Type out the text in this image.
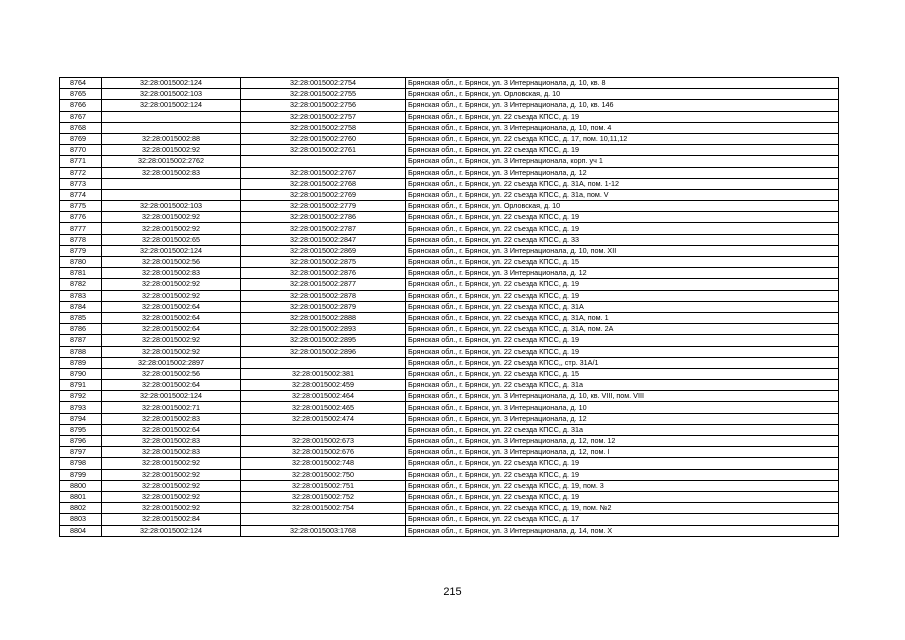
8764	32:28:0015002:124	32:28:0015002:2754	Брянская обл., г. Брянск, ул. 3 Интернационала, д. 10, кв. 8
8765	32:28:0015002:103	32:28:0015002:2755	Брянская обл., г. Брянск, ул. Орловская, д. 10
8766	32:28:0015002:124	32:28:0015002:2756	Брянская обл., г. Брянск, ул. 3 Интернационала, д. 10, кв. 146
8767		32:28:0015002:2757	Брянская обл., г. Брянск, ул. 22 съезда КПСС, д. 19
8768		32:28:0015002:2758	Брянская обл., г. Брянск, ул. 3 Интернационала, д. 10, пом. 4
8769	32:28:0015002:88	32:28:0015002:2760	Брянская обл., г. Брянск, ул. 22 съезда КПСС, д. 17, пом. 10,11,12
8770	32:28:0015002:92	32:28:0015002:2761	Брянская обл., г. Брянск, ул. 22 съезда КПСС, д. 19
8771	32:28:0015002:2762		Брянская обл., г. Брянск, ул. 3 Интернационала, корп. уч 1
8772	32:28:0015002:83	32:28:0015002:2767	Брянская обл., г. Брянск, ул. 3 Интернационала, д. 12
8773		32:28:0015002:2768	Брянская обл., г. Брянск, ул. 22 съезда КПСС, д. 31А, пом. 1-12
8774		32:28:0015002:2769	Брянская обл., г. Брянск, ул. 22 съезда КПСС, д. 31а, пом. V
8775	32:28:0015002:103	32:28:0015002:2779	Брянская обл., г. Брянск, ул. Орловская, д. 10
8776	32:28:0015002:92	32:28:0015002:2786	Брянская обл., г. Брянск, ул. 22 съезда КПСС, д. 19
8777	32:28:0015002:92	32:28:0015002:2787	Брянская обл., г. Брянск, ул. 22 съезда КПСС, д. 19
8778	32:28:0015002:65	32:28:0015002:2847	Брянская обл., г. Брянск, ул. 22 съезда КПСС, д. 33
8779	32:28:0015002:124	32:28:0015002:2869	Брянская обл., г. Брянск, ул. 3 Интернационала, д. 10, пом. XII
8780	32:28:0015002:56	32:28:0015002:2875	Брянская обл., г. Брянск, ул. 22 съезда КПСС, д. 15
8781	32:28:0015002:83	32:28:0015002:2876	Брянская обл., г. Брянск, ул. 3 Интернационала, д. 12
8782	32:28:0015002:92	32:28:0015002:2877	Брянская обл., г. Брянск, ул. 22 съезда КПСС, д. 19
8783	32:28:0015002:92	32:28:0015002:2878	Брянская обл., г. Брянск, ул. 22 съезда КПСС, д. 19
8784	32:28:0015002:64	32:28:0015002:2879	Брянская обл., г. Брянск, ул. 22 съезда КПСС, д. 31А
8785	32:28:0015002:64	32:28:0015002:2888	Брянская обл., г. Брянск, ул. 22 съезда КПСС, д. 31А, пом. 1
8786	32:28:0015002:64	32:28:0015002:2893	Брянская обл., г. Брянск, ул. 22 съезда КПСС, д. 31А, пом. 2А
8787	32:28:0015002:92	32:28:0015002:2895	Брянская обл., г. Брянск, ул. 22 съезда КПСС, д. 19
8788	32:28:0015002:92	32:28:0015002:2896	Брянская обл., г. Брянск, ул. 22 съезда КПСС, д. 19
8789	32:28:0015002:2897		Брянская обл., г. Брянск, ул. 22 съезда КПСС,, стр. 31А/1
8790	32:28:0015002:56	32:28:0015002:381	Брянская обл., г. Брянск, ул. 22 съезда КПСС, д. 15
8791	32:28:0015002:64	32:28:0015002:459	Брянская обл., г. Брянск, ул. 22 съезда КПСС, д. 31а
8792	32:28:0015002:124	32:28:0015002:464	Брянская обл., г. Брянск, ул. 3 Интернационала, д. 10, кв. VIII, пом. VIII
8793	32:28:0015002:71	32:28:0015002:465	Брянская обл., г. Брянск, ул. 3 Интернационала, д. 10
8794	32:28:0015002:83	32:28:0015002:474	Брянская обл., г. Брянск, ул. 3 Интернационала, д. 12
8795	32:28:0015002:64		Брянская обл., г. Брянск, ул. 22 съезда КПСС, д. 31а
8796	32:28:0015002:83	32:28:0015002:673	Брянская обл., г. Брянск, ул. 3 Интернационала, д. 12, пом. 12
8797	32:28:0015002:83	32:28:0015002:676	Брянская обл., г. Брянск, ул. 3 Интернационала, д. 12, пом. I
8798	32:28:0015002:92	32:28:0015002:748	Брянская обл., г. Брянск, ул. 22 съезда КПСС, д. 19
8799	32:28:0015002:92	32:28:0015002:750	Брянская обл., г. Брянск, ул. 22 съезда КПСС, д. 19
8800	32:28:0015002:92	32:28:0015002:751	Брянская обл., г. Брянск, ул. 22 съезда КПСС, д. 19, пом. 3
8801	32:28:0015002:92	32:28:0015002:752	Брянская обл., г. Брянск, ул. 22 съезда КПСС, д. 19
8802	32:28:0015002:92	32:28:0015002:754	Брянская обл., г. Брянск, ул. 22 съезда КПСС, д. 19, пом. №2
8803	32:28:0015002:84		Брянская обл., г. Брянск, ул. 22 съезда КПСС, д. 17
8804	32:28:0015002:124	32:28:0015003:1768	Брянская обл., г. Брянск, ул. 3 Интернационала, д. 14, пом. X
215
